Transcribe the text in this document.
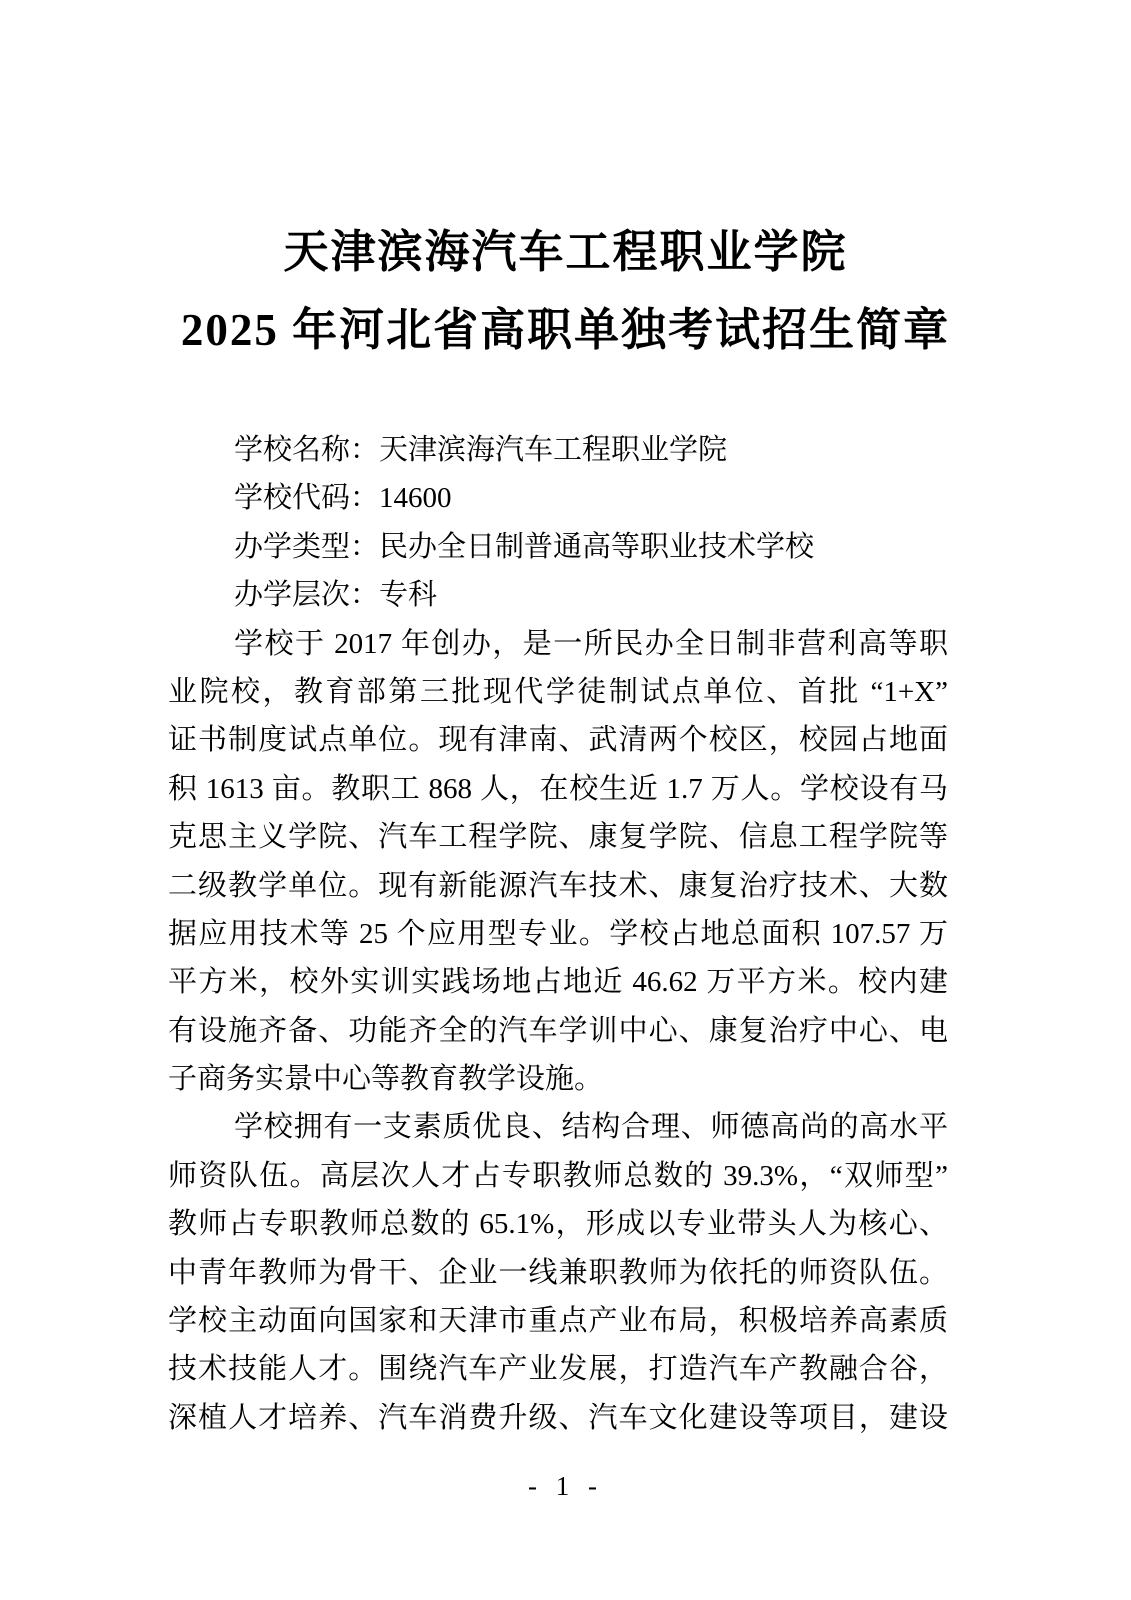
天津滨海汽车工程职业学院
2025 年河北省高职单独考试招生简章
学校名称：天津滨海汽车工程职业学院
学校代码：14600
办学类型：民办全日制普通高等职业技术学校
办学层次：专科
学校于 2017 年创办，是一所民办全日制非营利高等职
业院校，教育部第三批现代学徒制试点单位、首批 “1+X”
证书制度试点单位。现有津南、武清两个校区，校园占地面
积 1613 亩。教职工 868 人，在校生近 1.7 万人。学校设有马
克思主义学院、汽车工程学院、康复学院、信息工程学院等
二级教学单位。现有新能源汽车技术、康复治疗技术、大数
据应用技术等 25 个应用型专业。学校占地总面积 107.57 万
平方米，校外实训实践场地占地近 46.62 万平方米。校内建
有设施齐备、功能齐全的汽车学训中心、康复治疗中心、电
子商务实景中心等教育教学设施。
学校拥有一支素质优良、结构合理、师德高尚的高水平
师资队伍。高层次人才占专职教师总数的 39.3%，“双师型”
教师占专职教师总数的 65.1%，形成以专业带头人为核心、
中青年教师为骨干、企业一线兼职教师为依托的师资队伍。
学校主动面向国家和天津市重点产业布局，积极培养高素质
技术技能人才。围绕汽车产业发展，打造汽车产教融合谷，
深植人才培养、汽车消费升级、汽车文化建设等项目，建设
- 1 -
